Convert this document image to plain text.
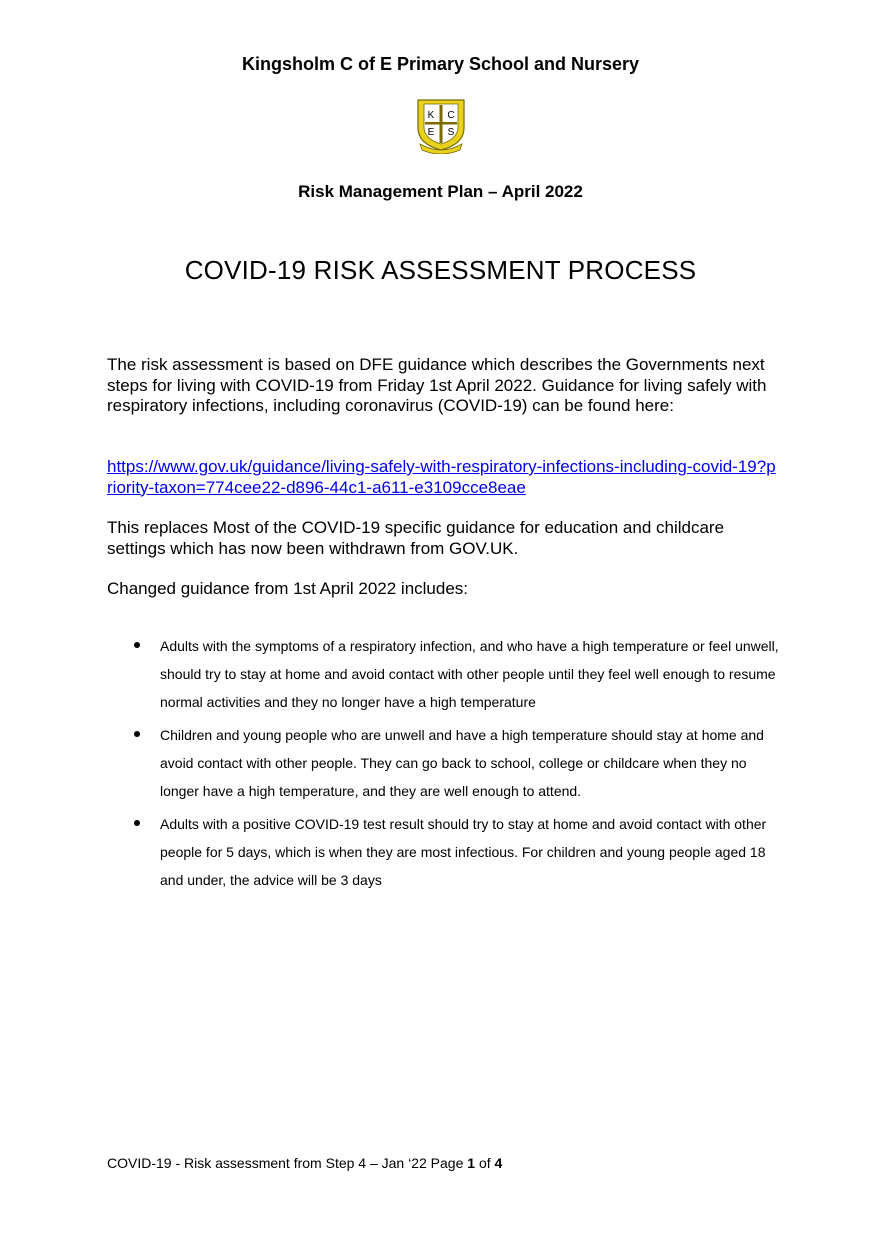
Kingsholm C of E Primary School and Nursery
K C
E S
Risk Management Plan – April 2022
COVID-19 RISK ASSESSMENT PROCESS

The risk assessment is based on DFE guidance which describes the Governments next steps for living with COVID-19 from Friday 1st April 2022. Guidance for living safely with respiratory infections, including coronavirus (COVID-19) can be found here:

https://www.gov.uk/guidance/living-safely-with-respiratory-infections-including-covid-19?priority-taxon=774cee22-d896-44c1-a611-e3109cce8eae

This replaces Most of the COVID-19 specific guidance for education and childcare settings which has now been withdrawn from GOV.UK.

Changed guidance from 1st April 2022 includes:

Adults with the symptoms of a respiratory infection, and who have a high temperature or feel unwell, should try to stay at home and avoid contact with other people until they feel well enough to resume normal activities and they no longer have a high temperature
Children and young people who are unwell and have a high temperature should stay at home and avoid contact with other people. They can go back to school, college or childcare when they no longer have a high temperature, and they are well enough to attend.
Adults with a positive COVID-19 test result should try to stay at home and avoid contact with other people for 5 days, which is when they are most infectious. For children and young people aged 18 and under, the advice will be 3 days
COVID-19 - Risk assessment from Step 4 – Jan ‘22 Page 1 of 4
